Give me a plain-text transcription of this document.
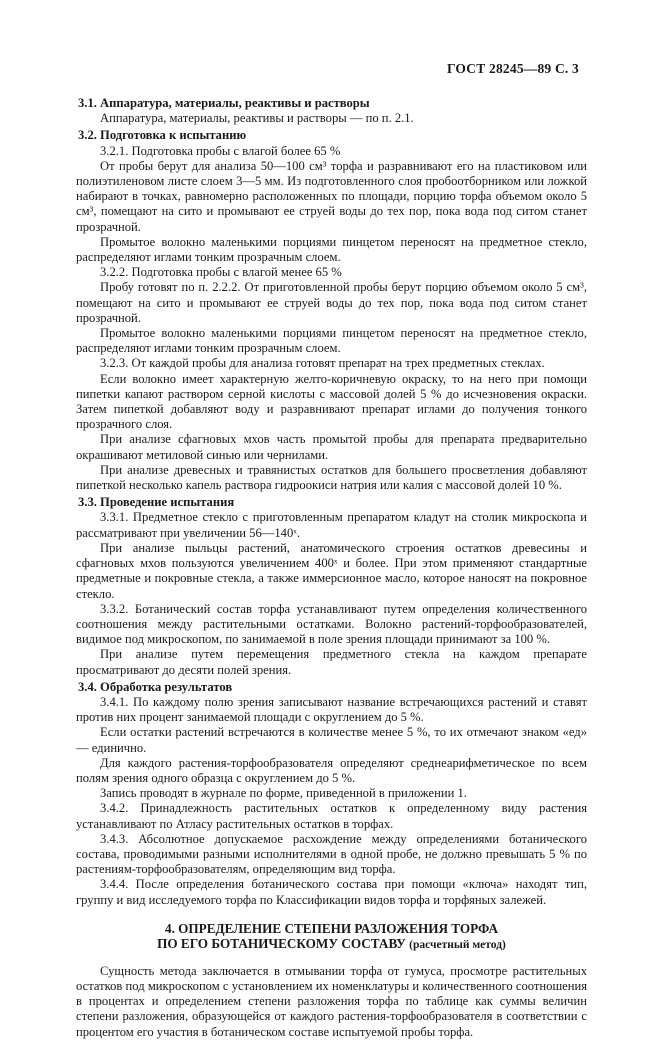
ГОСТ 28245—89 С. 3

3.1. Аппаратура, материалы, реактивы и растворы

Аппаратура, материалы, реактивы и растворы — по п. 2.1.

3.2. Подготовка к испытанию

3.2.1. Подготовка пробы с влагой более 65 %

От пробы берут для анализа 50—100 см³ торфа и разравнивают его на пластиковом или полиэтиленовом листе слоем 3—5 мм. Из подготовленного слоя пробоотборником или ложкой набирают в точках, равномерно расположенных по площади, порцию торфа объемом около 5 см³, помещают на сито и промывают ее струей воды до тех пор, пока вода под ситом станет прозрачной.

Промытое волокно маленькими порциями пинцетом переносят на предметное стекло, распределяют иглами тонким прозрачным слоем.

3.2.2. Подготовка пробы с влагой менее 65 %

Пробу готовят по п. 2.2.2. От приготовленной пробы берут порцию объемом около 5 см³, помещают на сито и промывают ее струей воды до тех пор, пока вода под ситом станет прозрачной.

Промытое волокно маленькими порциями пинцетом переносят на предметное стекло, распределяют иглами тонким прозрачным слоем.

3.2.3. От каждой пробы для анализа готовят препарат на трех предметных стеклах.

Если волокно имеет характерную желто-коричневую окраску, то на него при помощи пипетки капают раствором серной кислоты с массовой долей 5 % до исчезновения окраски. Затем пипеткой добавляют воду и разравнивают препарат иглами до получения тонкого прозрачного слоя.

При анализе сфагновых мхов часть промытой пробы для препарата предварительно окрашивают метиловой синью или чернилами.

При анализе древесных и травянистых остатков для большего просветления добавляют пипеткой несколько капель раствора гидроокиси натрия или калия с массовой долей 10 %.

3.3. Проведение испытания

3.3.1. Предметное стекло с приготовленным препаратом кладут на столик микроскопа и рассматривают при увеличении 56—140ˣ.

При анализе пыльцы растений, анатомического строения остатков древесины и сфагновых мхов пользуются увеличением 400ˣ и более. При этом применяют стандартные предметные и покровные стекла, а также иммерсионное масло, которое наносят на покровное стекло.

3.3.2. Ботанический состав торфа устанавливают путем определения количественного соотношения между растительными остатками. Волокно растений-торфообразователей, видимое под микроскопом, по занимаемой в поле зрения площади принимают за 100 %.

При анализе путем перемещения предметного стекла на каждом препарате просматривают до десяти полей зрения.

3.4. Обработка результатов

3.4.1. По каждому полю зрения записывают название встречающихся растений и ставят против них процент занимаемой площади с округлением до 5 %.

Если остатки растений встречаются в количестве менее 5 %, то их отмечают знаком «ед» — единично.

Для каждого растения-торфообразователя определяют среднеарифметическое по всем полям зрения одного образца с округлением до 5 %.

Запись проводят в журнале по форме, приведенной в приложении 1.

3.4.2. Принадлежность растительных остатков к определенному виду растения устанавливают по Атласу растительных остатков в торфах.

3.4.3. Абсолютное допускаемое расхождение между определениями ботанического состава, проводимыми разными исполнителями в одной пробе, не должно превышать 5 % по растениям-торфообразователям, определяющим вид торфа.

3.4.4. После определения ботанического состава при помощи «ключа» находят тип, группу и вид исследуемого торфа по Классификации видов торфа и торфяных залежей.

4. ОПРЕДЕЛЕНИЕ СТЕПЕНИ РАЗЛОЖЕНИЯ ТОРФА
ПО ЕГО БОТАНИЧЕСКОМУ СОСТАВУ (расчетный метод)

Сущность метода заключается в отмывании торфа от гумуса, просмотре растительных остатков под микроскопом с установлением их номенклатуры и количественного соотношения в процентах и определением степени разложения торфа по таблице как суммы величин степени разложения, образующейся от каждого растения-торфообразователя в соответствии с процентом его участия в ботаническом составе испытуемой пробы торфа.
